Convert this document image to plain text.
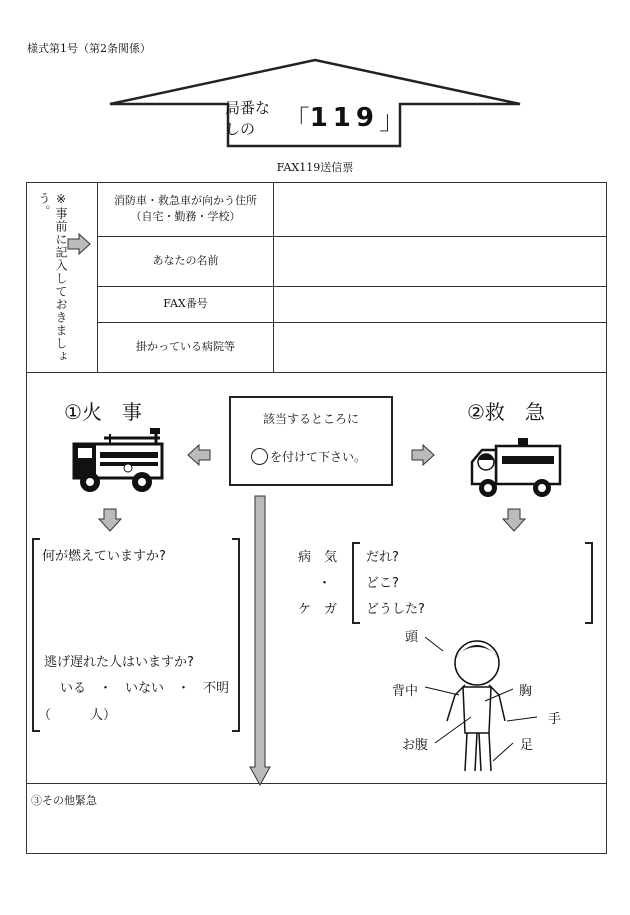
様式第1号（第2条関係）
局番なしの	「 119 」
FAX119送信票
※事前に記入しておきましょう。	消防車・救急車が向かう住所
（自宅・勤務・学校）
あなたの名前
FAX番号
掛かっている病院等
①火　事
何が燃えていますか?
逃げ遅れた人はいますか?
いる　・　いない　・　不明
（　　　人）
該当するところに
を付けて下さい。
②救　急
病　気
・
ケ　ガ
だれ?
どこ?
どうした?
頭
背中	胸
手
お腹	足
③その他緊急
